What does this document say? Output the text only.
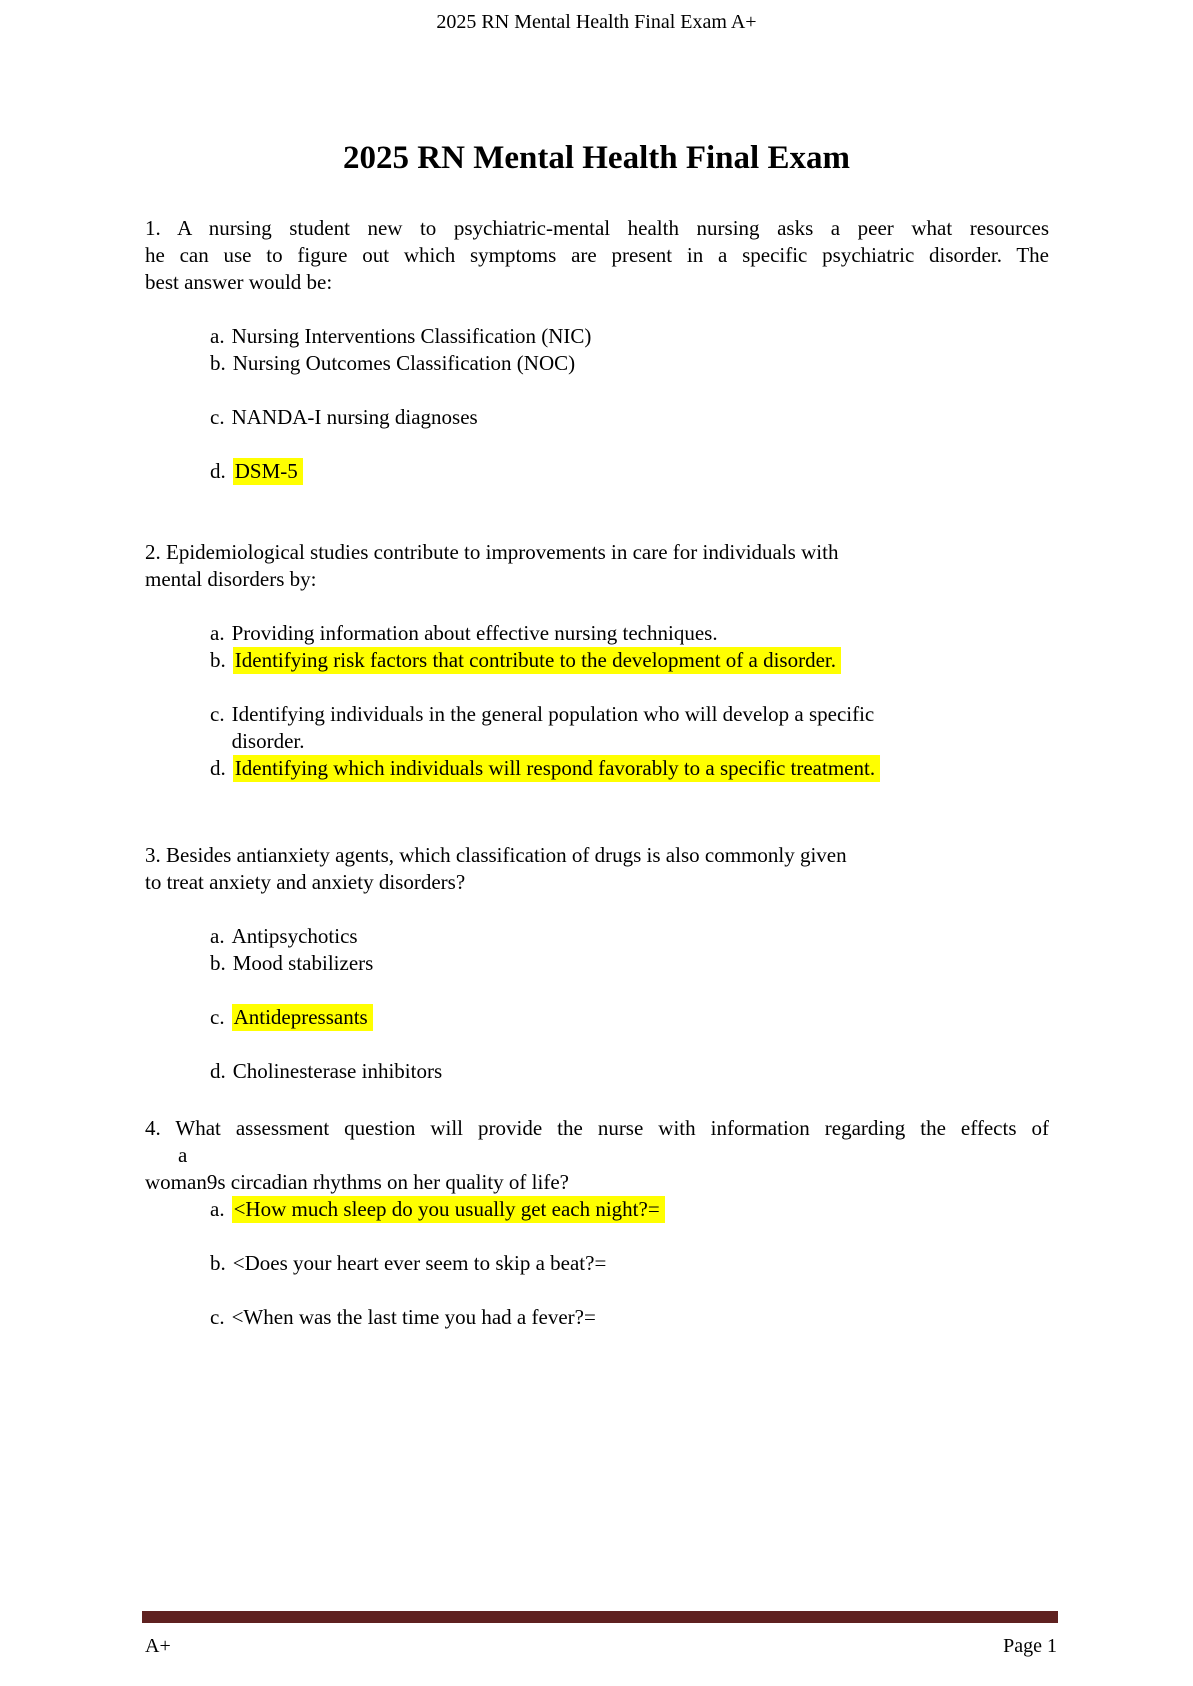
2025 RN Mental Health Final Exam A+
2025 RN Mental Health Final Exam
1. A nursing student new to psychiatric-mental health nursing asks a peer what resources
he can use to figure out which symptoms are present in a specific psychiatric disorder. The
best answer would be:
a. Nursing Interventions Classification (NIC)
b. Nursing Outcomes Classification (NOC)
c. NANDA-I nursing diagnoses
d. DSM-5
2. Epidemiological studies contribute to improvements in care for individuals with
mental disorders by:
a. Providing information about effective nursing techniques.
b. Identifying risk factors that contribute to the development of a disorder.
c. Identifying individuals in the general population who will develop a specific
disorder.
d. Identifying which individuals will respond favorably to a specific treatment.
3. Besides antianxiety agents, which classification of drugs is also commonly given
to treat anxiety and anxiety disorders?
a. Antipsychotics
b. Mood stabilizers
c. Antidepressants
d. Cholinesterase inhibitors
4. What assessment question will provide the nurse with information regarding the effects of
a
woman9s circadian rhythms on her quality of life?
a. <How much sleep do you usually get each night?=
b. <Does your heart ever seem to skip a beat?=
c. <When was the last time you had a fever?=
A+	Page 1
